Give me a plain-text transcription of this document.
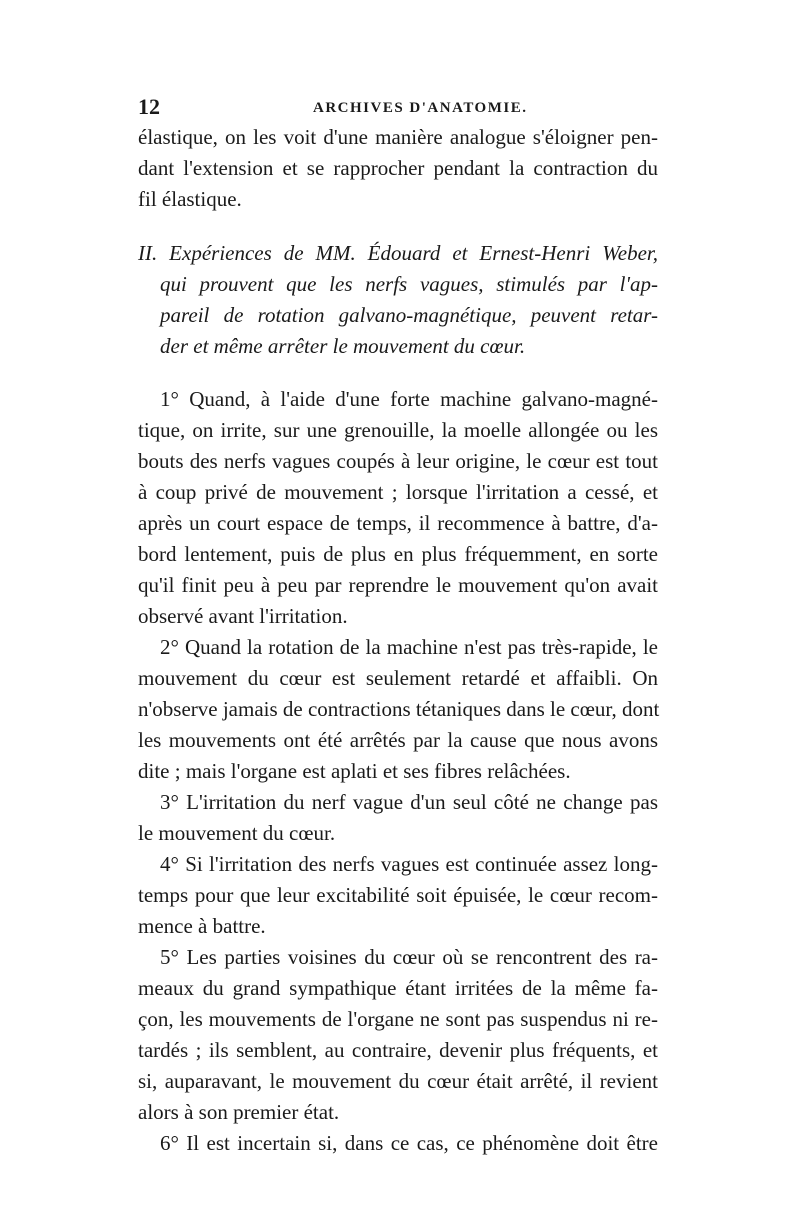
12	ARCHIVES D'ANATOMIE.
élastique, on les voit d'une manière analogue s'éloigner pen-
dant l'extension et se rapprocher pendant la contraction du
fil élastique.
II. Expériences de MM. Édouard et Ernest-Henri Weber,
qui prouvent que les nerfs vagues, stimulés par l'ap-
pareil de rotation galvano-magnétique, peuvent retar-
der et même arrêter le mouvement du cœur.
1° Quand, à l'aide d'une forte machine galvano-magné-
tique, on irrite, sur une grenouille, la moelle allongée ou les
bouts des nerfs vagues coupés à leur origine, le cœur est tout
à coup privé de mouvement ; lorsque l'irritation a cessé, et
après un court espace de temps, il recommence à battre, d'a-
bord lentement, puis de plus en plus fréquemment, en sorte
qu'il finit peu à peu par reprendre le mouvement qu'on avait
observé avant l'irritation.
2° Quand la rotation de la machine n'est pas très-rapide, le
mouvement du cœur est seulement retardé et affaibli. On
n'observe jamais de contractions tétaniques dans le cœur, dont
les mouvements ont été arrêtés par la cause que nous avons
dite ; mais l'organe est aplati et ses fibres relâchées.
3° L'irritation du nerf vague d'un seul côté ne change pas
le mouvement du cœur.
4° Si l'irritation des nerfs vagues est continuée assez long-
temps pour que leur excitabilité soit épuisée, le cœur recom-
mence à battre.
5° Les parties voisines du cœur où se rencontrent des ra-
meaux du grand sympathique étant irritées de la même fa-
çon, les mouvements de l'organe ne sont pas suspendus ni re-
tardés ; ils semblent, au contraire, devenir plus fréquents, et
si, auparavant, le mouvement du cœur était arrêté, il revient
alors à son premier état.
6° Il est incertain si, dans ce cas, ce phénomène doit être
